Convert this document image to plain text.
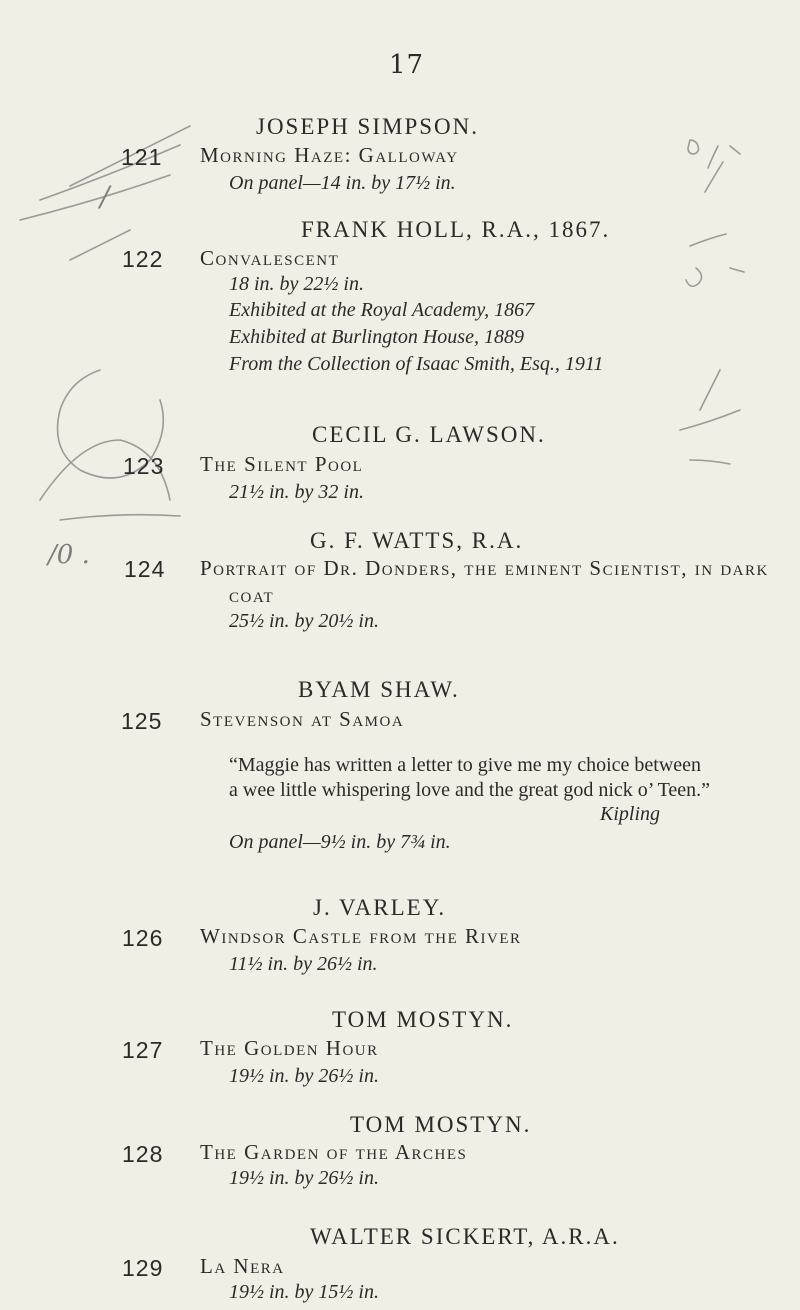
/
/0 .
17
JOSEPH SIMPSON.
121 Morning Haze: Galloway
On panel—14 in. by 17½ in.
FRANK HOLL, R.A., 1867.
122 Convalescent
18 in. by 22½ in.
Exhibited at the Royal Academy, 1867
Exhibited at Burlington House, 1889
From the Collection of Isaac Smith, Esq., 1911
CECIL G. LAWSON.
123 The Silent Pool
21½ in. by 32 in.
G. F. WATTS, R.A.
124 Portrait of Dr. Donders, the eminent Scientist, in dark
coat
25½ in. by 20½ in.
BYAM SHAW.
125 Stevenson at Samoa
“Maggie has written a letter to give me my choice between
a wee little whispering love and the great god nick o’ Teen.”
Kipling
On panel—9½ in. by 7¾ in.
J. VARLEY.
126 Windsor Castle from the River
11½ in. by 26½ in.
TOM MOSTYN.
127 The Golden Hour
19½ in. by 26½ in.
TOM MOSTYN.
128 The Garden of the Arches
19½ in. by 26½ in.
WALTER SICKERT, A.R.A.
129 La Nera
19½ in. by 15½ in.
